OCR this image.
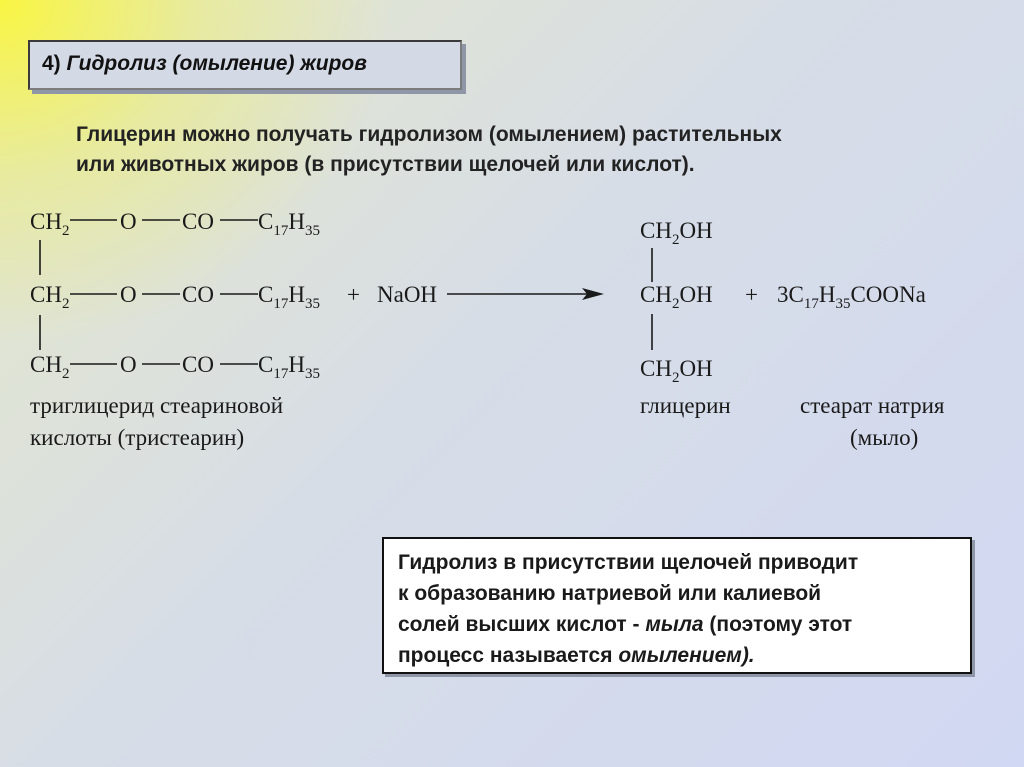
4) Гидролиз (омыление) жиров
Глицерин можно получать гидролизом (омылением) растительных
или животных жиров (в присутствии щелочей или кислот).
$CH_2$ O CO $C_{17}H_{35}$
$CH_2$ O CO $C_{17}H_{35}$ + NaOH
$CH_2$ O CO $C_{17}H_{35}$
триглицерид стеариновой
кислоты (тристеарин)
$CH_2OH$
$CH_2OH$
$CH_2OH$
+ $3C_{17}H_{35}COONa$
глицерин	стеарат натрия
(мыло)
Гидролиз в присутствии щелочей приводит
к образованию натриевой или калиевой
солей высших кислот - мыла (поэтому этот
процесс называется омылением).
